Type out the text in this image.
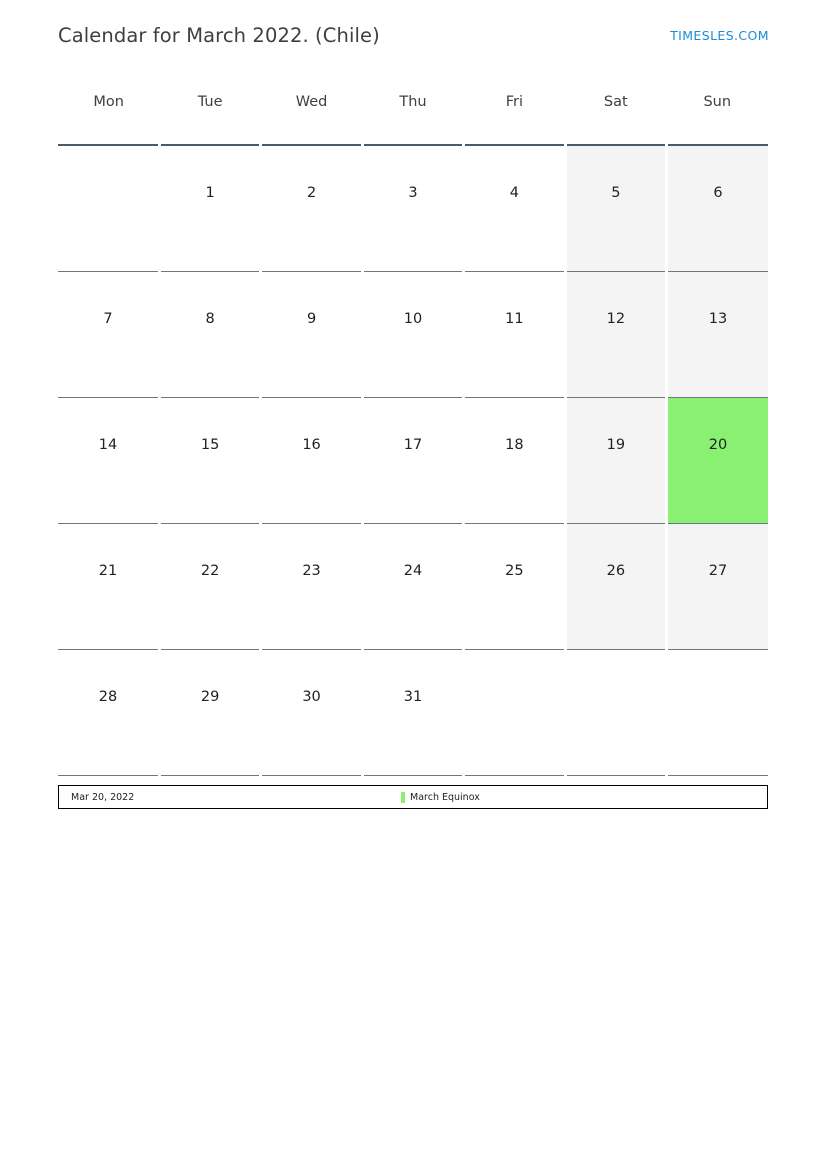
Calendar for March 2022. (Chile)	TIMESLES.COM
Mon	Tue	Wed	Thu	Fri	Sat	Sun

	1	2	3	4	5	6

7	8	9	10	11	12	13

14	15	16	17	18	19	20

21	22	23	24	25	26	27

28	29	30	31			

Mar 20, 2022	March Equinox
